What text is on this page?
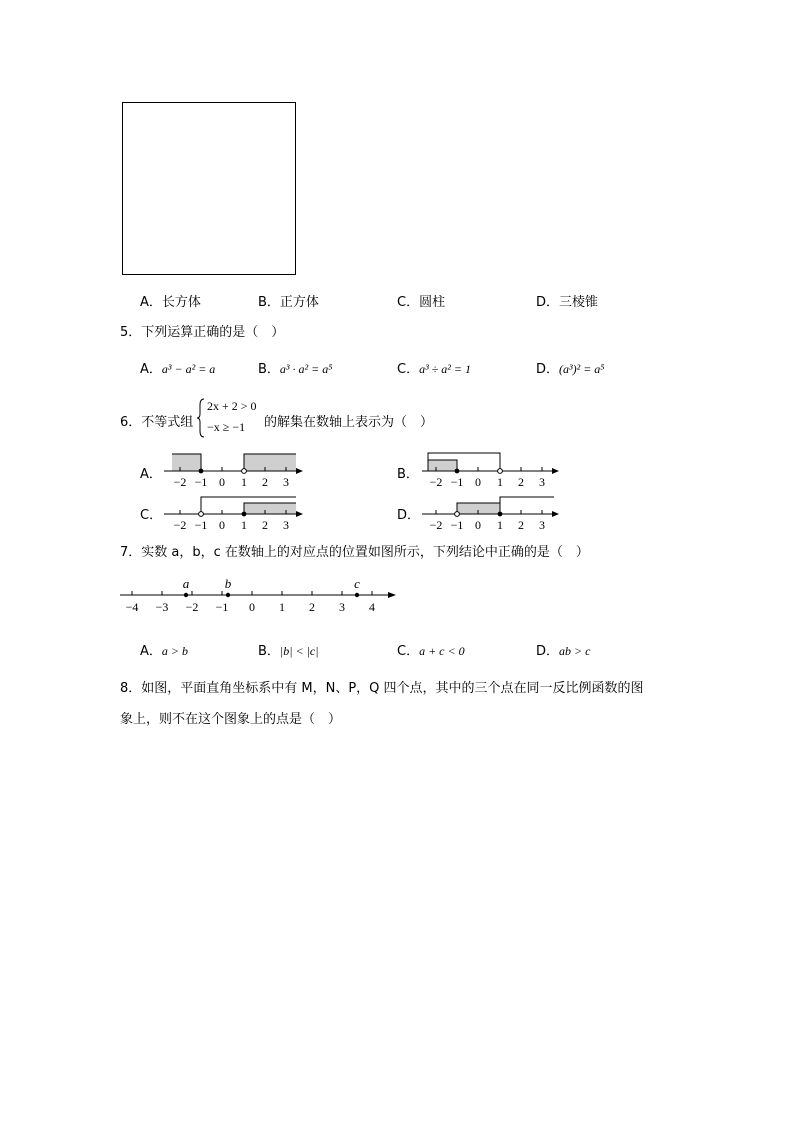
A．长方体	B．正方体	C．圆柱	D．三棱锥
5．下列运算正确的是（　）
A．a³ − a² = a	B．a³ · a² = a⁵	C．a³ ÷ a² = 1	D．(a³)² = a⁵
6．不等式组
2x + 2 > 0
−x ≥ −1 的解集在数轴上表示为（　）
A．	B．
C．	D．
−2 −1 0 1 2 3	−2 −1 0 1 2 3
−2 −1 0 1 2 3	−2 −1 0 1 2 3
7．实数 a，b，c 在数轴上的对应点的位置如图所示，下列结论中正确的是（　）
−4 −3 −2 −1 0 1 2 3 4
a	b	c
A．a > b	B．|b| < |c|	C．a + c < 0	D．ab > c
8．如图，平面直角坐标系中有 M，N、P，Q 四个点，其中的三个点在同一反比例函数的图
象上，则不在这个图象上的点是（　）
